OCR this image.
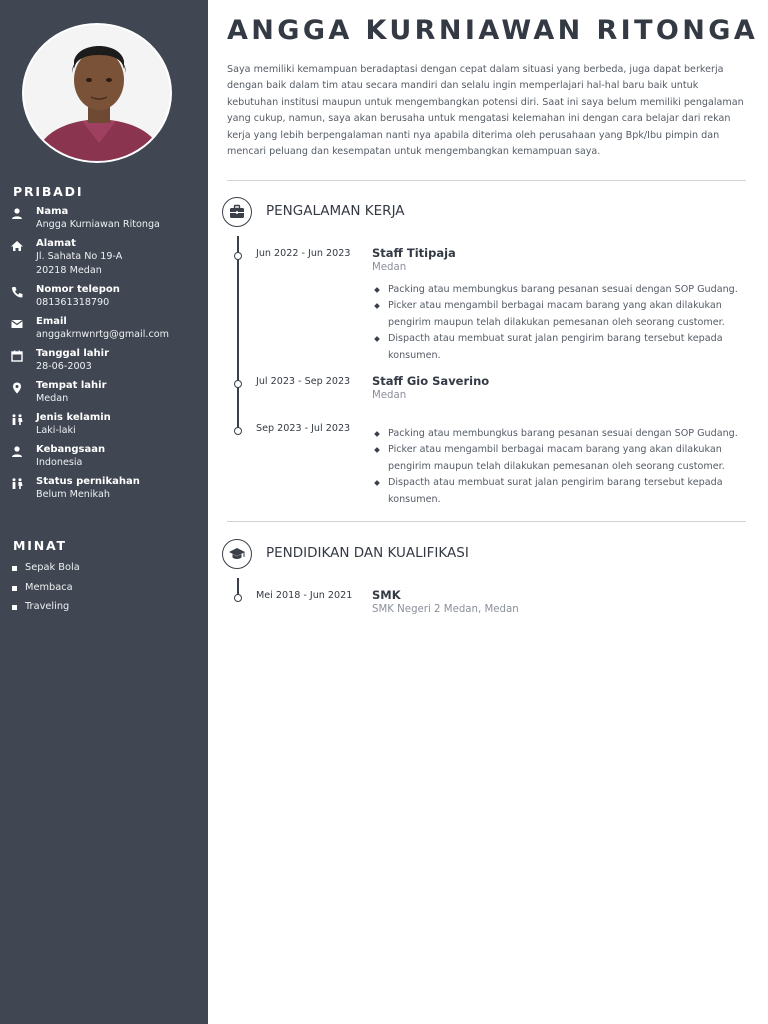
PRIBADI
Nama
Angga Kurniawan Ritonga
Alamat
Jl. Sahata No 19-A
20218 Medan
Nomor telepon
081361318790
Email
anggakrnwnrtg@gmail.com
Tanggal lahir
28-06-2003
Tempat lahir
Medan
Jenis kelamin
Laki-laki
Kebangsaan
Indonesia
Status pernikahan
Belum Menikah
MINAT
Sepak Bola
Membaca
Traveling
ANGGA KURNIAWAN RITONGA
Saya memiliki kemampuan beradaptasi dengan cepat dalam situasi yang berbeda, juga dapat berkerja dengan baik dalam tim atau secara mandiri dan selalu ingin memperlajari hal-hal baru baik untuk kebutuhan institusi maupun untuk mengembangkan potensi diri. Saat ini saya belum memiliki pengalaman yang cukup, namun, saya akan berusaha untuk mengatasi kelemahan ini dengan cara belajar dari rekan kerja yang lebih berpengalaman nanti nya apabila diterima oleh perusahaan yang Bpk/Ibu pimpin dan mencari peluang dan kesempatan untuk mengembangkan kemampuan saya.
PENGALAMAN KERJA
Jun 2022 - Jun 2023 Staff Titipaja
Medan
Packing atau membungkus barang pesanan sesuai dengan SOP Gudang.
Picker atau mengambil berbagai macam barang yang akan dilakukan pengirim maupun telah dilakukan pemesanan oleh seorang customer.
Dispacth atau membuat surat jalan pengirim barang tersebut kepada konsumen.
Jul 2023 - Sep 2023 Staff Gio Saverino
Medan
Sep 2023 - Jul 2023	Packing atau membungkus barang pesanan sesuai dengan SOP Gudang.
Picker atau mengambil berbagai macam barang yang akan dilakukan pengirim maupun telah dilakukan pemesanan oleh seorang customer.
Dispacth atau membuat surat jalan pengirim barang tersebut kepada konsumen.
PENDIDIKAN DAN KUALIFIKASI
Mei 2018 - Jun 2021 SMK
SMK Negeri 2 Medan, Medan
